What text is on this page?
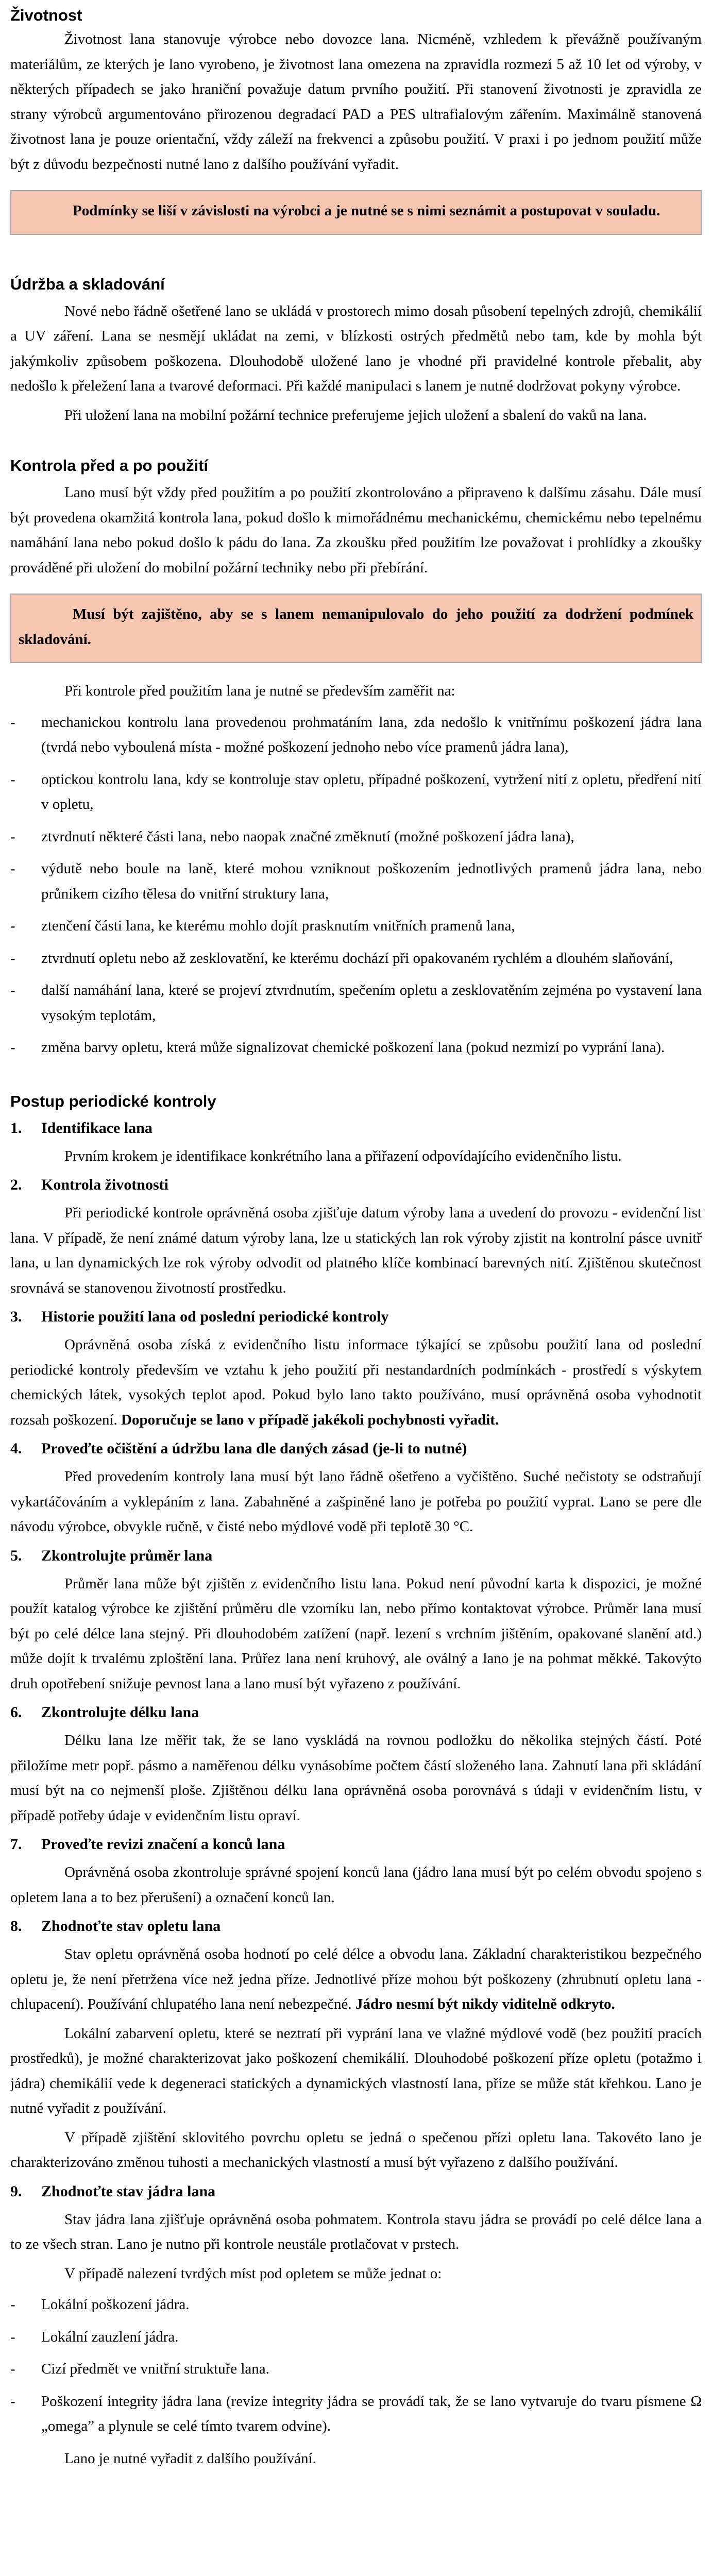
Životnost

Životnost lana stanovuje výrobce nebo dovozce lana. Nicméně, vzhledem k převážně používaným materiálům, ze kterých je lano vyrobeno, je životnost lana omezena na zpravidla rozmezí 5 až 10 let od výroby, v některých případech se jako hraniční považuje datum prvního použití. Při stanovení životnosti je zpravidla ze strany výrobců argumentováno přirozenou degradací PAD a PES ultrafialovým zářením. Maximálně stanovená životnost lana je pouze orientační, vždy záleží na frekvenci a způsobu použití. V praxi i po jednom použití může být z důvodu bezpečnosti nutné lano z dalšího používání vyřadit.

Podmínky se liší v závislosti na výrobci a je nutné se s nimi seznámit a postupovat v souladu.

Údržba a skladování

Nové nebo řádně ošetřené lano se ukládá v prostorech mimo dosah působení tepelných zdrojů, chemikálií a UV záření. Lana se nesmějí ukládat na zemi, v blízkosti ostrých předmětů nebo tam, kde by mohla být jakýmkoliv způsobem poškozena. Dlouhodobě uložené lano je vhodné při pravidelné kontrole přebalit, aby nedošlo k přeležení lana a tvarové deformaci. Při každé manipulaci s lanem je nutné dodržovat pokyny výrobce.

Při uložení lana na mobilní požární technice preferujeme jejich uložení a sbalení do vaků na lana.

Kontrola před a po použití

Lano musí být vždy před použitím a po použití zkontrolováno a připraveno k dalšímu zásahu. Dále musí být provedena okamžitá kontrola lana, pokud došlo k mimořádnému mechanickému, chemickému nebo tepelnému namáhání lana nebo pokud došlo k pádu do lana. Za zkoušku před použitím lze považovat i prohlídky a zkoušky prováděné při uložení do mobilní požární techniky nebo při přebírání.

Musí být zajištěno, aby se s lanem nemanipulovalo do jeho použití za dodržení podmínek skladování.

Při kontrole před použitím lana je nutné se především zaměřit na:

-	mechanickou kontrolu lana provedenou prohmatáním lana, zda nedošlo k vnitřnímu poškození jádra lana (tvrdá nebo vyboulená místa - možné poškození jednoho nebo více pramenů jádra lana),
-	optickou kontrolu lana, kdy se kontroluje stav opletu, případné poškození, vytržení nití z opletu, předření nití v opletu,
-	ztvrdnutí některé části lana, nebo naopak značné změknutí (možné poškození jádra lana),
-	výdutě nebo boule na laně, které mohou vzniknout poškozením jednotlivých pramenů jádra lana, nebo průnikem cizího tělesa do vnitřní struktury lana,
-	ztenčení části lana, ke kterému mohlo dojít prasknutím vnitřních pramenů lana,
-	ztvrdnutí opletu nebo až zesklovatění, ke kterému dochází při opakovaném rychlém a dlouhém slaňování,
-	další namáhání lana, které se projeví ztvrdnutím, spečením opletu a zesklovatěním zejména po vystavení lana vysokým teplotám,
-	změna barvy opletu, která může signalizovat chemické poškození lana (pokud nezmizí po vyprání lana).
Postup periodické kontroly
1.	Identifikace lana

Prvním krokem je identifikace konkrétního lana a přiřazení odpovídajícího evidenčního listu.

2.	Kontrola životnosti

Při periodické kontrole oprávněná osoba zjišťuje datum výroby lana a uvedení do provozu - evidenční list lana. V případě, že není známé datum výroby lana, lze u statických lan rok výroby zjistit na kontrolní pásce uvnitř lana, u lan dynamických lze rok výroby odvodit od platného klíče kombinací barevných nití. Zjištěnou skutečnost srovnává se stanovenou životností prostředku.

3.	Historie použití lana od poslední periodické kontroly

Oprávněná osoba získá z evidenčního listu informace týkající se způsobu použití lana od poslední periodické kontroly především ve vztahu k jeho použití při nestandardních podmínkách - prostředí s výskytem chemických látek, vysokých teplot apod. Pokud bylo lano takto používáno, musí oprávněná osoba vyhodnotit rozsah poškození. Doporučuje se lano v případě jakékoli pochybnosti vyřadit.

4.	Proveďte očištění a údržbu lana dle daných zásad (je-li to nutné)

Před provedením kontroly lana musí být lano řádně ošetřeno a vyčištěno. Suché nečistoty se odstraňují vykartáčováním a vyklepáním z lana. Zabahněné a zašpiněné lano je potřeba po použití vyprat. Lano se pere dle návodu výrobce, obvykle ručně, v čisté nebo mýdlové vodě při teplotě 30 °C.

5.	Zkontrolujte průměr lana

Průměr lana může být zjištěn z evidenčního listu lana. Pokud není původní karta k dispozici, je možné použít katalog výrobce ke zjištění průměru dle vzorníku lan, nebo přímo kontaktovat výrobce. Průměr lana musí být po celé délce lana stejný. Při dlouhodobém zatížení (např. lezení s vrchním jištěním, opakované slanění atd.) může dojít k trvalému zploštění lana. Průřez lana není kruhový, ale oválný a lano je na pohmat měkké. Takovýto druh opotřebení snižuje pevnost lana a lano musí být vyřazeno z používání.

6.	Zkontrolujte délku lana

Délku lana lze měřit tak, že se lano vyskládá na rovnou podložku do několika stejných částí. Poté přiložíme metr popř. pásmo a naměřenou délku vynásobíme počtem částí složeného lana. Zahnutí lana při skládání musí být na co nejmenší ploše. Zjištěnou délku lana oprávněná osoba porovnává s údaji v evidenčním listu, v případě potřeby údaje v evidenčním listu opraví.

7.	Proveďte revizi značení a konců lana

Oprávněná osoba zkontroluje správné spojení konců lana (jádro lana musí být po celém obvodu spojeno s opletem lana a to bez přerušení) a označení konců lan.

8.	Zhodnoťte stav opletu lana

Stav opletu oprávněná osoba hodnotí po celé délce a obvodu lana. Základní charakteristikou bezpečného opletu je, že není přetržena více než jedna příze. Jednotlivé příze mohou být poškozeny (zhrubnutí opletu lana - chlupacení). Používání chlupatého lana není nebezpečné. Jádro nesmí být nikdy viditelně odkryto.

Lokální zabarvení opletu, které se neztratí při vyprání lana ve vlažné mýdlové vodě (bez použití pracích prostředků), je možné charakterizovat jako poškození chemikálií. Dlouhodobé poškození příze opletu (potažmo i jádra) chemikálií vede k degeneraci statických a dynamických vlastností lana, příze se může stát křehkou. Lano je nutné vyřadit z používání.

V případě zjištění sklovitého povrchu opletu se jedná o spečenou přízi opletu lana. Takovéto lano je charakterizováno změnou tuhosti a mechanických vlastností a musí být vyřazeno z dalšího používání.

9.	Zhodnoťte stav jádra lana

Stav jádra lana zjišťuje oprávněná osoba pohmatem. Kontrola stavu jádra se provádí po celé délce lana a to ze všech stran. Lano je nutno při kontrole neustále protlačovat v prstech.

V případě nalezení tvrdých míst pod opletem se může jednat o:

-	Lokální poškození jádra.
-	Lokální zauzlení jádra.
-	Cizí předmět ve vnitřní struktuře lana.
-	Poškození integrity jádra lana (revize integrity jádra se provádí tak, že se lano vytvaruje do tvaru písmene Ω „omega” a plynule se celé tímto tvarem odvine).

Lano je nutné vyřadit z dalšího používání.
